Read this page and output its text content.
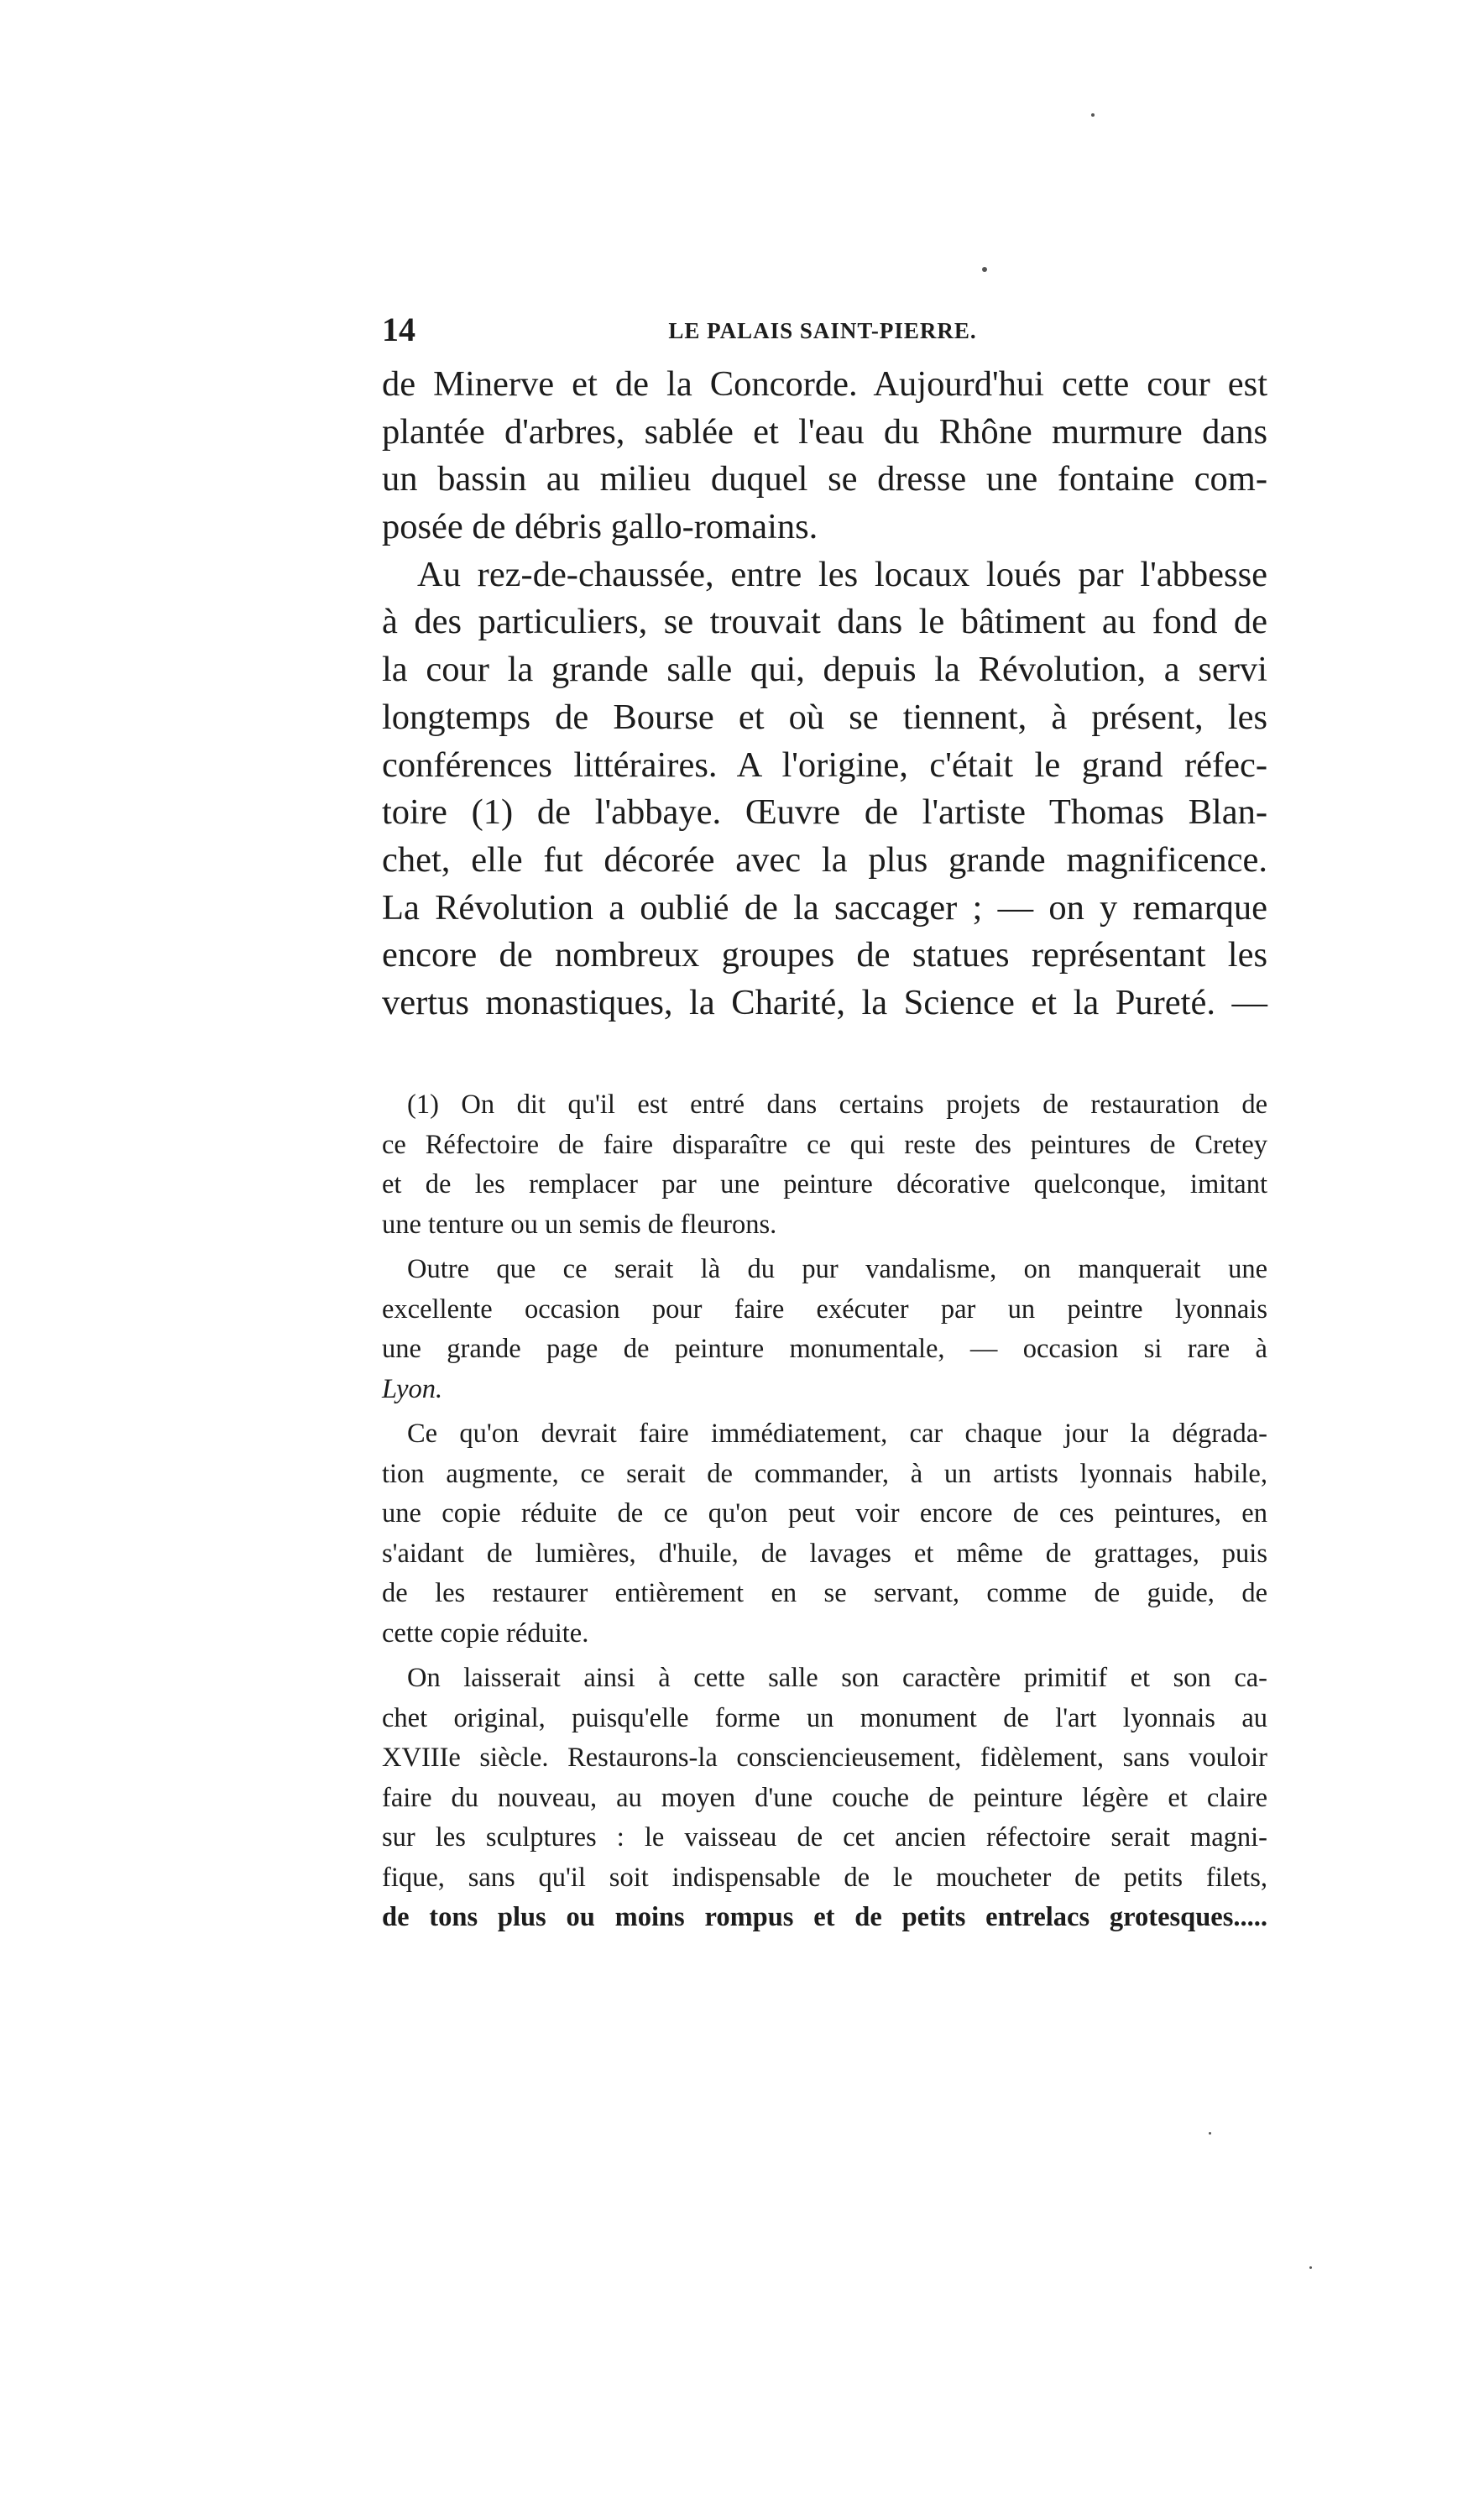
14	LE PALAIS SAINT-PIERRE.
de Minerve et de la Concorde. Aujourd'hui cette cour est
plantée d'arbres, sablée et l'eau du Rhône murmure dans
un bassin au milieu duquel se dresse une fontaine com-
posée de débris gallo-romains.
Au rez-de-chaussée, entre les locaux loués par l'abbesse
à des particuliers, se trouvait dans le bâtiment au fond de
la cour la grande salle qui, depuis la Révolution, a servi
longtemps de Bourse et où se tiennent, à présent, les
conférences littéraires. A l'origine, c'était le grand réfec-
toire (1) de l'abbaye. Œuvre de l'artiste Thomas Blan-
chet, elle fut décorée avec la plus grande magnificence.
La Révolution a oublié de la saccager ; — on y remarque
encore de nombreux groupes de statues représentant les
vertus monastiques, la Charité, la Science et la Pureté. —
(1) On dit qu'il est entré dans certains projets de restauration de
ce Réfectoire de faire disparaître ce qui reste des peintures de Cretey
et de les remplacer par une peinture décorative quelconque, imitant
une tenture ou un semis de fleurons.
Outre que ce serait là du pur vandalisme, on manquerait une
excellente occasion pour faire exécuter par un peintre lyonnais
une grande page de peinture monumentale, — occasion si rare à
Lyon.
Ce qu'on devrait faire immédiatement, car chaque jour la dégrada-
tion augmente, ce serait de commander, à un artists lyonnais habile,
une copie réduite de ce qu'on peut voir encore de ces peintures, en
s'aidant de lumières, d'huile, de lavages et même de grattages, puis
de les restaurer entièrement en se servant, comme de guide, de
cette copie réduite.
On laisserait ainsi à cette salle son caractère primitif et son ca-
chet original, puisqu'elle forme un monument de l'art lyonnais au
XVIIIe siècle. Restaurons-la consciencieusement, fidèlement, sans vouloir
faire du nouveau, au moyen d'une couche de peinture légère et claire
sur les sculptures : le vaisseau de cet ancien réfectoire serait magni-
fique, sans qu'il soit indispensable de le moucheter de petits filets,
de tons plus ou moins rompus et de petits entrelacs grotesques.....
